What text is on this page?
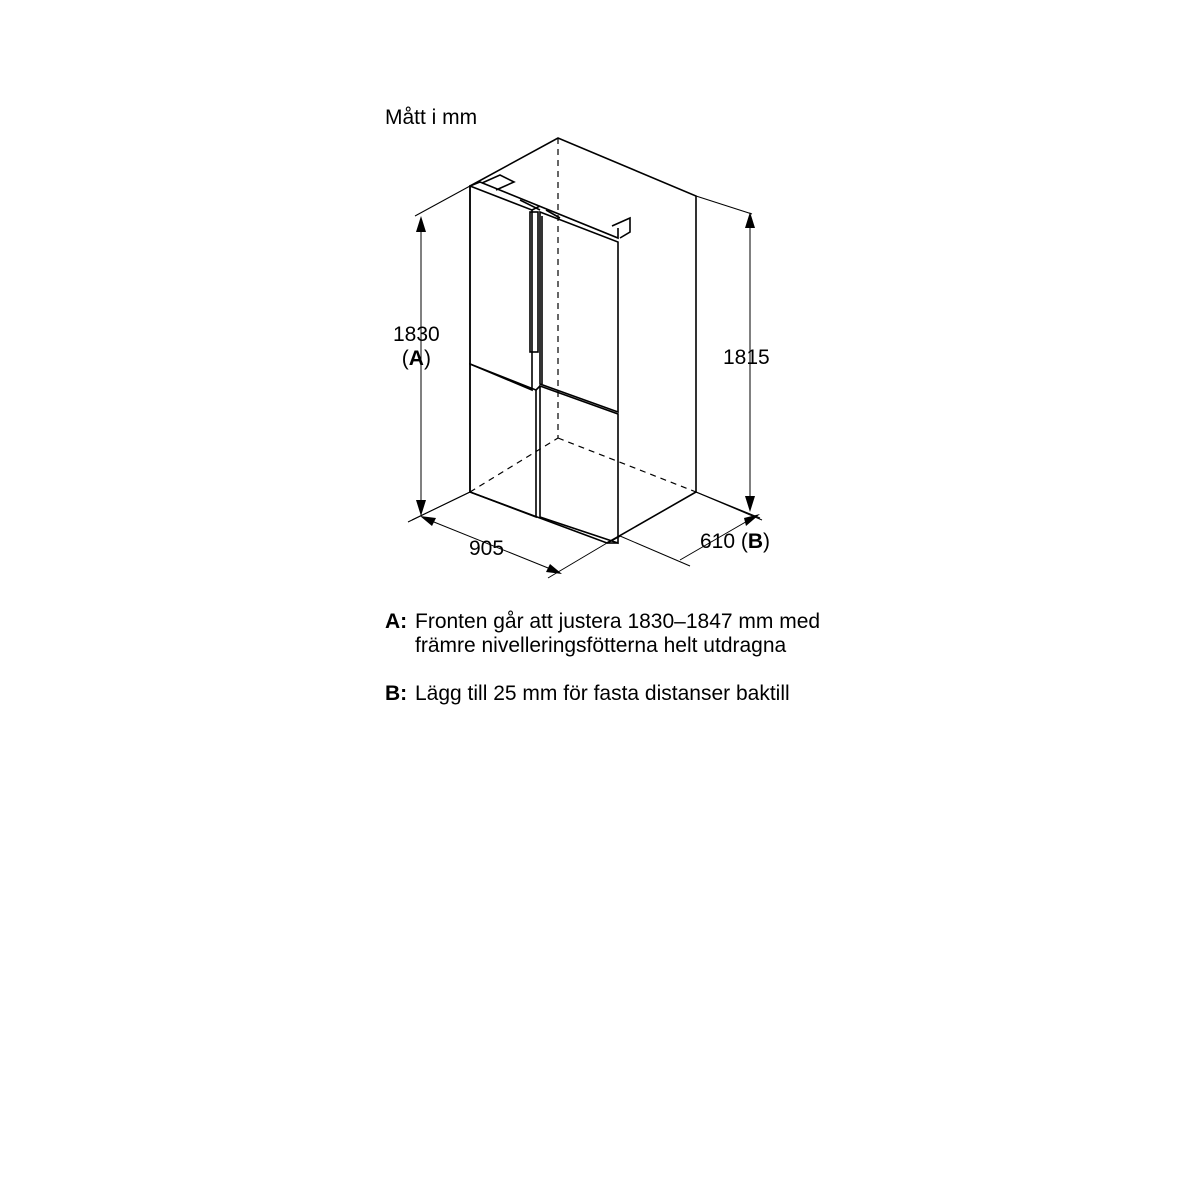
Mått i mm
1830
(A)	1815
905	610 (B)
A: Fronten går att justera 1830–1847 mm med främre nivelleringsfötterna helt utdragna
B: Lägg till 25 mm för fasta distanser baktill
